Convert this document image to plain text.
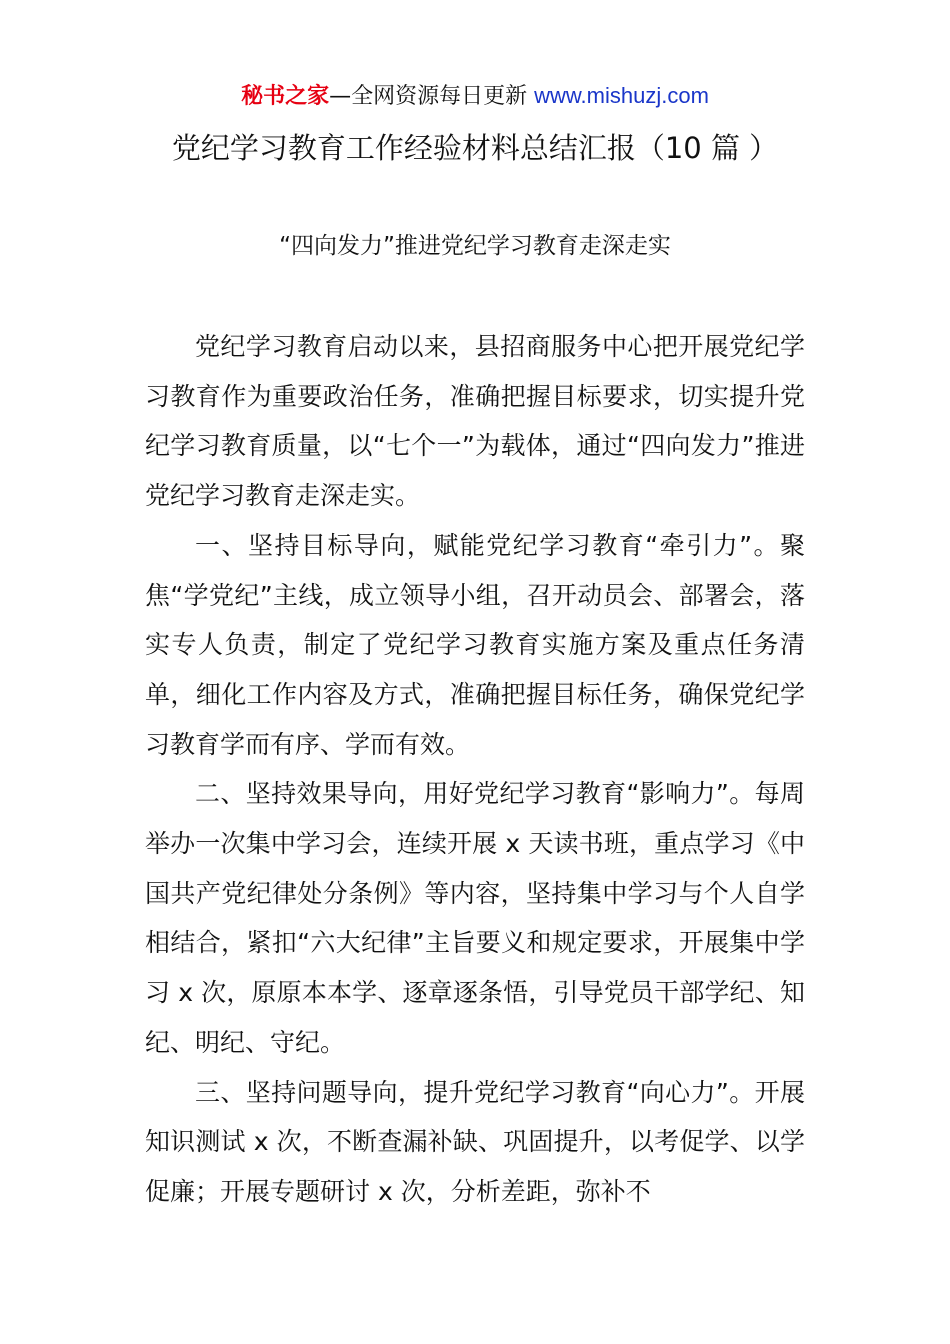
秘书之家—全网资源每日更新 www.mishuzj.com
党纪学习教育工作经验材料总结汇报（10 篇 ）
“四向发力”推进党纪学习教育走深走实

党纪学习教育启动以来，县招商服务中心把开展党纪学习教育作为重要政治任务，准确把握目标要求，切实提升党纪学习教育质量，以“七个一”为载体，通过“四向发力”推进党纪学习教育走深走实。

一、坚持目标导向，赋能党纪学习教育“牵引力”。聚焦“学党纪”主线，成立领导小组，召开动员会、部署会，落实专人负责，制定了党纪学习教育实施方案及重点任务清单，细化工作内容及方式，准确把握目标任务，确保党纪学习教育学而有序、学而有效。

二、坚持效果导向，用好党纪学习教育“影响力”。每周举办一次集中学习会，连续开展 x 天读书班，重点学习《中国共产党纪律处分条例》等内容，坚持集中学习与个人自学相结合，紧扣“六大纪律”主旨要义和规定要求，开展集中学习 x 次，原原本本学、逐章逐条悟，引导党员干部学纪、知纪、明纪、守纪。

三、坚持问题导向，提升党纪学习教育“向心力”。开展知识测试 x 次，不断查漏补缺、巩固提升，以考促学、以学促廉；开展专题研讨 x 次，分析差距，弥补不
